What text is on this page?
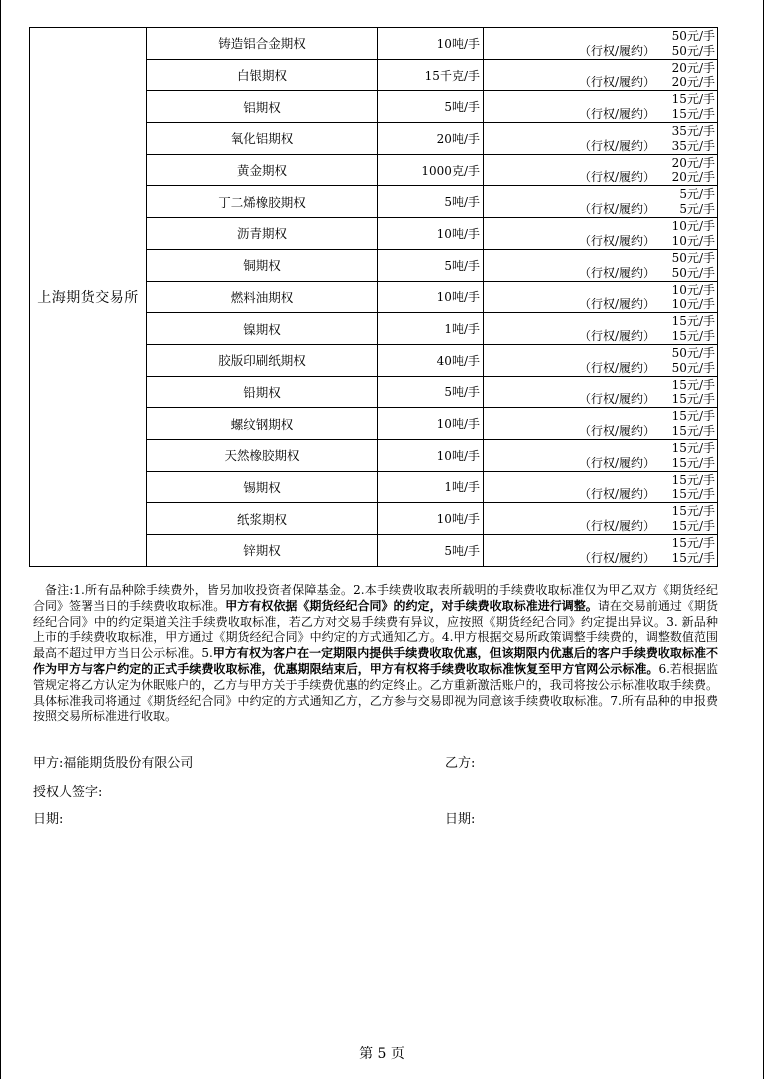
上海期货交易所	铸造铝合金期权	10吨/手	50元/手
（行权/履约） 50元/手

	白银期权	15千克/手	20元/手
（行权/履约） 20元/手

	铝期权	5吨/手	15元/手
（行权/履约） 15元/手

	氧化铝期权	20吨/手	35元/手
（行权/履约） 35元/手

	黄金期权	1000克/手	20元/手
（行权/履约） 20元/手

	丁二烯橡胶期权	5吨/手	5元/手
（行权/履约） 5元/手

	沥青期权	10吨/手	10元/手
（行权/履约） 10元/手

	铜期权	5吨/手	50元/手
（行权/履约） 50元/手

	燃料油期权	10吨/手	10元/手
（行权/履约） 10元/手

	镍期权	1吨/手	15元/手
（行权/履约） 15元/手

	胶版印刷纸期权	40吨/手	50元/手
（行权/履约） 50元/手

	铅期权	5吨/手	15元/手
（行权/履约） 15元/手

	螺纹钢期权	10吨/手	15元/手
（行权/履约） 15元/手

	天然橡胶期权	10吨/手	15元/手
（行权/履约） 15元/手

	锡期权	1吨/手	15元/手
（行权/履约） 15元/手

	纸浆期权	10吨/手	15元/手
（行权/履约） 15元/手

	锌期权	5吨/手	15元/手
（行权/履约） 15元/手
备注:1.所有品种除手续费外，皆另加收投资者保障基金。2.本手续费收取表所载明的手续费收取标准仅为甲乙双方《期货经纪合同》签署当日的手续费收取标准。甲方有权依据《期货经纪合同》的约定，对手续费收取标准进行调整。请在交易前通过《期货经纪合同》中的约定渠道关注手续费收取标准，若乙方对交易手续费有异议，应按照《期货经纪合同》约定提出异议。3. 新品种上市的手续费收取标准，甲方通过《期货经纪合同》中约定的方式通知乙方。4.甲方根据交易所政策调整手续费的，调整数值范围最高不超过甲方当日公示标准。5.甲方有权为客户在一定期限内提供手续费收取优惠，但该期限内优惠后的客户手续费收取标准不作为甲方与客户约定的正式手续费收取标准，优惠期限结束后，甲方有权将手续费收取标准恢复至甲方官网公示标准。6.若根据监管规定将乙方认定为休眠账户的，乙方与甲方关于手续费优惠的约定终止。乙方重新激活账户的，我司将按公示标准收取手续费。具体标准我司将通过《期货经纪合同》中约定的方式通知乙方，乙方参与交易即视为同意该手续费收取标准。7.所有品种的申报费按照交易所标准进行收取。
甲方:福能期货股份有限公司	乙方:
授权人签字:
日期:	日期:
第 5 页
